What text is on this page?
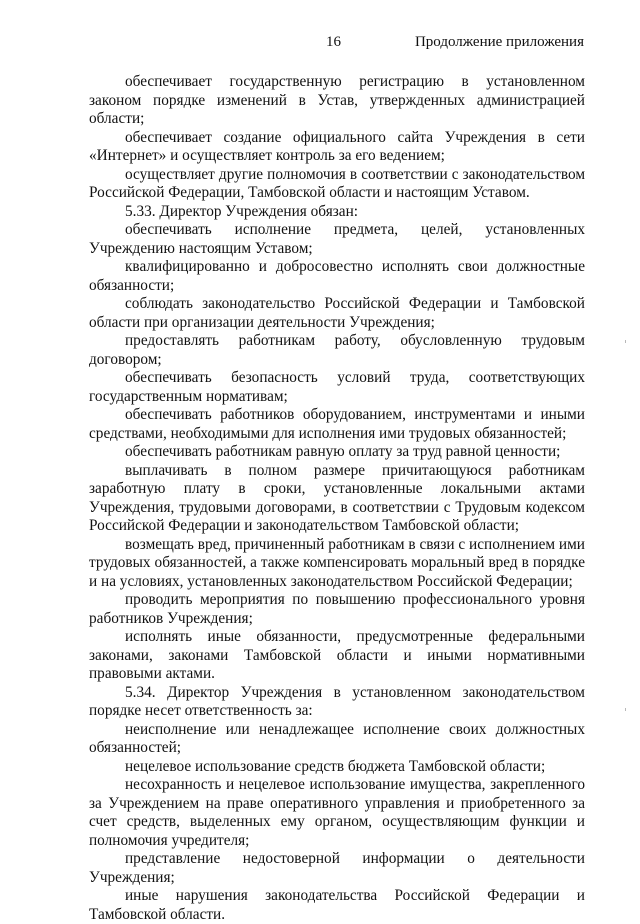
16	Продолжение приложения

обеспечивает государственную регистрацию в установленном законом порядке изменений в Устав, утвержденных администрацией области;

обеспечивает создание официального сайта Учреждения в сети «Интернет» и осуществляет контроль за его ведением;

осуществляет другие полномочия в соответствии с законодательством Российской Федерации, Тамбовской области и настоящим Уставом.

5.33. Директор Учреждения обязан:

обеспечивать исполнение предмета, целей, установленных Учреждению настоящим Уставом;

квалифицированно и добросовестно исполнять свои должностные обязанности;

соблюдать законодательство Российской Федерации и Тамбовской области при организации деятельности Учреждения;

предоставлять работникам работу, обусловленную трудовым договором;

обеспечивать безопасность условий труда, соответствующих государственным нормативам;

обеспечивать работников оборудованием, инструментами и иными средствами, необходимыми для исполнения ими трудовых обязанностей;

обеспечивать работникам равную оплату за труд равной ценности;

выплачивать в полном размере причитающуюся работникам заработную плату в сроки, установленные локальными актами Учреждения, трудовыми договорами, в соответствии с Трудовым кодексом Российской Федерации и законодательством Тамбовской области;

возмещать вред, причиненный работникам в связи с исполнением ими трудовых обязанностей, а также компенсировать моральный вред в порядке и на условиях, установленных законодательством Российской Федерации;

проводить мероприятия по повышению профессионального уровня работников Учреждения;

исполнять иные обязанности, предусмотренные федеральными законами, законами Тамбовской области и иными нормативными правовыми актами.

5.34. Директор Учреждения в установленном законодательством порядке несет ответственность за:

неисполнение или ненадлежащее исполнение своих должностных обязанностей;

нецелевое использование средств бюджета Тамбовской области;

несохранность и нецелевое использование имущества, закрепленного за Учреждением на праве оперативного управления и приобретенного за счет средств, выделенных ему органом, осуществляющим функции и полномочия учредителя;

представление недостоверной информации о деятельности Учреждения;

иные нарушения законодательства Российской Федерации и Тамбовской области.
